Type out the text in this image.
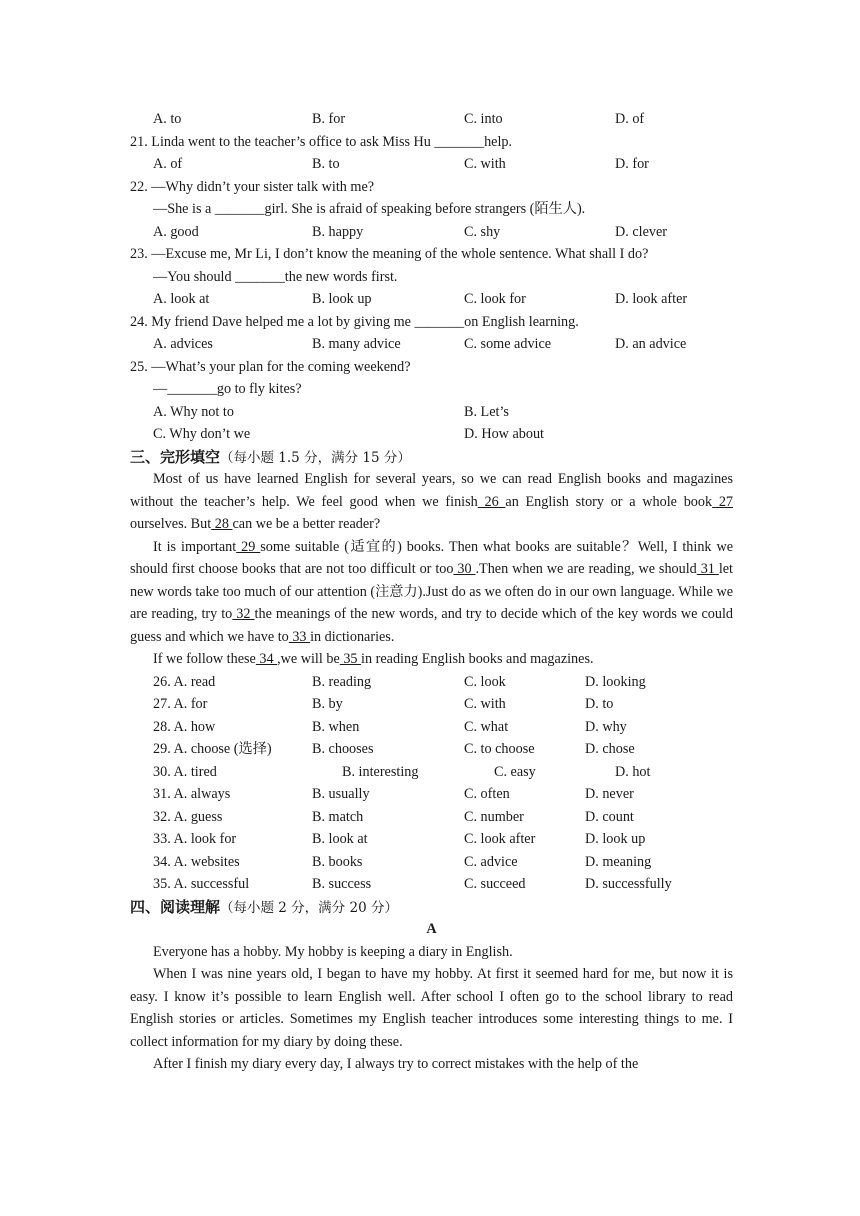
A. to	B. for	C. into	D. of
21. Linda went to the teacher’s office to ask Miss Hu _______help.
A. of	B. to	C. with	D. for
22. —Why didn’t your sister talk with me?
—She is a _______girl. She is afraid of speaking before strangers (陌生人).
A. good	B. happy	C. shy	D. clever
23. —Excuse me, Mr Li, I don’t know the meaning of the whole sentence. What shall I do?
—You should _______the new words first.
A. look at	B. look up	C. look for	D. look after
24. My friend Dave helped me a lot by giving me _______on English learning.
A. advices	B. many advice	C. some advice	D. an advice
25. —What’s your plan for the coming weekend?
—_______go to fly kites?
A. Why not to	B. Let’s
C. Why don’t we	D. How about
三、完形填空（每小题 1.5 分，满分 15 分）

Most of us have learned English for several years, so we can read English books and magazines without the teacher’s help. We feel good when we finish 26 an English story or a whole book 27 ourselves. But 28 can we be a better reader?

It is important 29 some suitable (适宜的) books. Then what books are suitable？Well, I think we should first choose books that are not too difficult or too 30 .Then when we are reading, we should 31 let new words take too much of our attention (注意力).Just do as we often do in our own language. While we are reading, try to 32 the meanings of the new words, and try to decide which of the key words we could guess and which we have to 33 in dictionaries.

If we follow these 34 ,we will be 35 in reading English books and magazines.

26. A. read	B. reading	C. look	D. looking
27. A. for	B. by	C. with	D. to
28. A. how	B. when	C. what	D. why
29. A. choose (选择)	B. chooses	C. to choose	D. chose
30. A. tired	B. interesting	C. easy	D. hot
31. A. always	B. usually	C. often	D. never
32. A. guess	B. match	C. number	D. count
33. A. look for	B. look at	C. look after	D. look up
34. A. websites	B. books	C. advice	D. meaning
35. A. successful	B. success	C. succeed	D. successfully
四、阅读理解（每小题 2 分，满分 20 分）
A

Everyone has a hobby. My hobby is keeping a diary in English.

When I was nine years old, I began to have my hobby. At first it seemed hard for me, but now it is easy. I know it’s possible to learn English well. After school I often go to the school library to read English stories or articles. Sometimes my English teacher introduces some interesting things to me. I collect information for my diary by doing these.

After I finish my diary every day, I always try to correct mistakes with the help of the
